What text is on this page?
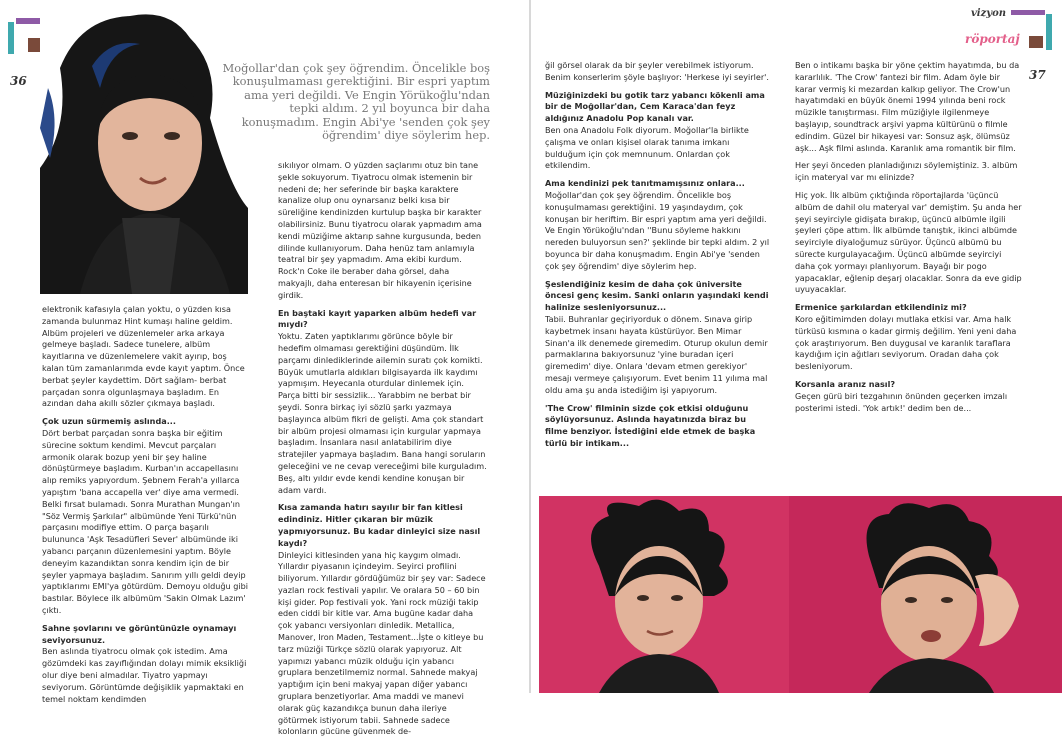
36
Moğollar'dan çok şey öğrendim. Öncelikle boş
konuşulmaması gerektiğini. Bir espri yaptım
ama yeri değildi. Ve Engin Yörükoğlu'ndan
tepki aldım. 2 yıl boyunca bir daha
konuşmadım. Engin Abi'ye 'senden çok şey
öğrendim' diye söylerim hep.

elektronik kafasıyla çalan yoktu, o yüzden kısa zamanda bulunmaz Hint kumaşı haline geldim. Albüm projeleri ve düzenlemeler arka arkaya gelmeye başladı. Sadece tunelere, albüm kayıtlarına ve düzenlemelere vakit ayırıp, boş kalan tüm zamanlarımda evde kayıt yaptım. Önce berbat şeyler kaydettim. Dört sağlam- berbat parçadan sonra olgunlaşmaya başladım. En azından daha akıllı sözler çıkmaya başladı.

Çok uzun sürmemiş aslında...

Dört berbat parçadan sonra başka bir eğitim sürecine soktum kendimi. Mevcut parçaları armonik olarak bozup yeni bir şey haline dönüştürmeye başladım. Kurban'ın accapellasını alıp remiks yapıyordum. Şebnem Ferah'a yıllarca yapıştım 'bana accapella ver' diye ama vermedi. Belki fırsat bulamadı. Sonra Murathan Mungan'ın "Söz Vermiş Şarkılar" albümünde Yeni Türkü'nün parçasını modifiye ettim. O parça başarılı bulununca 'Aşk Tesadüfleri Sever' albümünde iki yabancı parçanın düzenlemesini yaptım. Böyle deneyim kazandıktan sonra kendim için de bir şeyler yapmaya başladım. Sanırım yıllı geldi deyip yaptıklarımı EMI'ya götürdüm. Demoyu olduğu gibi bastılar. Böylece ilk albümüm 'Sakin Olmak Lazım' çıktı.

Sahne şovlarını ve görüntünüzle oynamayı seviyorsunuz.

Ben aslında tiyatrocu olmak çok istedim. Ama gözümdeki kas zayıflığından dolayı mimik eksikliği olur diye beni almadılar. Tiyatro yapmayı seviyorum. Görüntümde değişiklik yapmaktaki en temel noktam kendimden

sıkılıyor olmam. O yüzden saçlarımı otuz bin tane şekle sokuyorum. Tiyatrocu olmak istemenin bir nedeni de; her seferinde bir başka karaktere kanalize olup onu oynarsanız belki kısa bir süreliğine kendinizden kurtulup başka bir karakter olabilirsiniz. Bunu tiyatrocu olarak yapmadım ama kendi müziğime aktarıp sahne kurgusunda, beden dilinde kullanıyorum. Daha henüz tam anlamıyla teatral bir şey yapmadım. Ama ekibi kurdum. Rock'n Coke ile beraber daha görsel, daha makyajlı, daha enteresan bir hikayenin içerisine girdik.

En baştaki kayıt yaparken albüm hedefi var mıydı?

Yoktu. Zaten yaptıklarımı görünce böyle bir hedefim olmaması gerektiğini düşündüm. İlk parçamı dinlediklerinde ailemin suratı çok komikti. Büyük umutlarla aldıkları bilgisayarda ilk kaydımı yapmışım. Heyecanla oturdular dinlemek için. Parça bitti bir sessizlik... Yarabbim ne berbat bir şeydi. Sonra birkaç iyi sözlü şarkı yazmaya başlayınca albüm fikri de gelişti. Ama çok standart bir albüm projesi olmaması için kurgular yapmaya başladım. İnsanlara nasıl anlatabilirim diye stratejiler yapmaya başladım. Bana hangi soruların geleceğini ve ne cevap vereceğimi bile kurguladım. Beş, altı yıldır evde kendi kendine konuşan bir adam vardı.

Kısa zamanda hatırı sayılır bir fan kitlesi edindiniz. Hitler çıkaran bir müzik yapmıyorsunuz. Bu kadar dinleyici size nasıl kaydı?

Dinleyici kitlesinden yana hiç kaygım olmadı. Yıllardır piyasanın içindeyim. Seyirci profilini biliyorum. Yıllardır gördüğümüz bir şey var: Sadece yazları rock festivali yapılır. Ve oralara 50 – 60 bin kişi gider. Pop festivali yok. Yani rock müziği takip eden ciddi bir kitle var. Ama bugüne kadar daha çok yabancı versiyonları dinledik. Metallica, Manover, Iron Maden, Testament...İşte o kitleye bu tarz müziği Türkçe sözlü olarak yapıyoruz. Alt yapımızı yabancı müzik olduğu için yabancı gruplara benzetilmemiz normal. Sahnede makyaj yaptığım için beni makyaj yapan diğer yabancı gruplara benzetiyorlar. Ama maddi ve manevi olarak güç kazandıkça bunun daha ileriye götürmek istiyorum tabii. Sahnede sadece kolonların gücüne güvenmek de-

vizyon
röportaj
37

ğil görsel olarak da bir şeyler verebilmek istiyorum. Benim konserlerim şöyle başlıyor: 'Herkese iyi seyirler'.

Müziğinizdeki bu gotik tarz yabancı kökenli ama bir de Moğollar'dan, Cem Karaca'dan feyz aldığınız Anadolu Pop kanalı var.

Ben ona Anadolu Folk diyorum. Moğollar'la birlikte çalışma ve onları kişisel olarak tanıma imkanı bulduğum için çok memnunum. Onlardan çok etkilendim.

Ama kendinizi pek tanıtmamışsınız onlara...

Moğollar'dan çok şey öğrendim. Öncelikle boş konuşulmaması gerektiğini. 19 yaşındaydım, çok konuşan bir heriftim. Bir espri yaptım ama yeri değildi. Ve Engin Yörükoğlu'ndan ''Bunu söyleme hakkını nereden buluyorsun sen?' şeklinde bir tepki aldım. 2 yıl boyunca bir daha konuşmadım. Engin Abi'ye 'senden çok şey öğrendim' diye söylerim hep.

Şeslendiğiniz kesim de daha çok üniversite öncesi genç kesim. Sanki onların yaşındaki kendi halinize sesleniyorsunuz...

Tabii. Buhranlar geçiriyorduk o dönem. Sınava girip kaybetmek insanı hayata küstürüyor. Ben Mimar Sinan'a ilk denemede giremedim. Oturup okulun demir parmaklarına bakıyorsunuz 'yine buradan içeri giremedim' diye. Onlara 'devam etmen gerekiyor' mesajı vermeye çalışıyorum. Evet benim 11 yılıma mal oldu ama şu anda istediğim işi yapıyorum.

'The Crow' filminin sizde çok etkisi olduğunu söylüyorsunuz. Aslında hayatınızda biraz bu filme benziyor. İstediğini elde etmek de başka türlü bir intikam...

Ben o intikamı başka bir yöne çektim hayatımda, bu da kararlılık. 'The Crow' fantezi bir film. Adam öyle bir karar vermiş ki mezardan kalkıp geliyor. The Crow'un hayatımdaki en büyük önemi 1994 yılında beni rock müzikle tanıştırması. Film müziğiyle ilgilenmeye başlayıp, soundtrack arşivi yapma kültürünü o filmle edindim. Güzel bir hikayesi var: Sonsuz aşk, ölümsüz aşk... Aşk filmi aslında. Karanlık ama romantik bir film.

Her şeyi önceden planladığınızı söylemiştiniz. 3. albüm için materyal var mı elinizde?

Hiç yok. İlk albüm çıktığında röportajlarda 'üçüncü albüm de dahil olu materyal var' demiştim. Şu anda her şeyi seyirciyle gidişata bırakıp, üçüncü albümle ilgili şeyleri çöpe attım. İlk albümde tanıştık, ikinci albümde seyirciyle diyaloğumuz sürüyor. Üçüncü albümü bu sürecte kurgulayacağım. Üçüncü albümde seyirciyi daha çok yormayı planlıyorum. Bayağı bir pogo yapacaklar, eğlenip deşarj olacaklar. Sonra da eve gidip uyuyacaklar.

Ermenice şarkılardan etkilendiniz mi?

Koro eğitimimden dolayı mutlaka etkisi var. Ama halk türküsü kısmına o kadar girmiş değilim. Yeni yeni daha çok araştırıyorum. Ben duygusal ve karanlık taraflara kaydığım için ağıtları seviyorum. Oradan daha çok besleniyorum.

Korsanla aranız nasıl?

Geçen gürü biri tezgahının önünden geçerken imzalı posterimi istedi. 'Yok artık!' dedim ben de...
